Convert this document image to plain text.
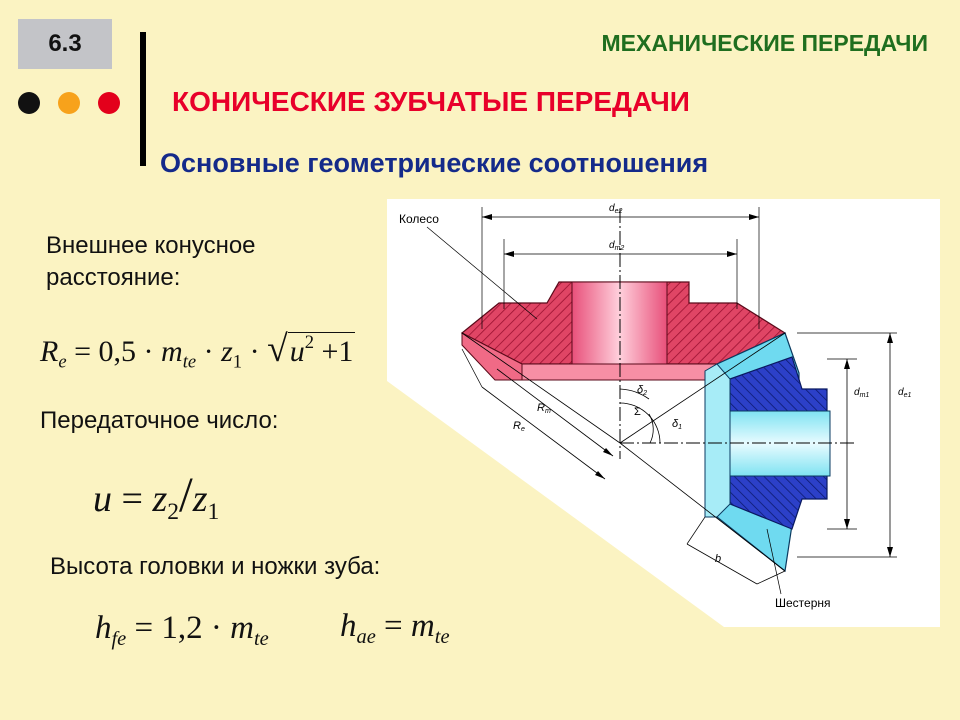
6.3	МЕХАНИЧЕСКИЕ ПЕРЕДАЧИ
КОНИЧЕСКИЕ ЗУБЧАТЫЕ ПЕРЕДАЧИ
Основные геометрические соотношения
Внешнее конусное
расстояние:
$R_e = 0,5 \cdot m_{te} \cdot z_1 \cdot √u^2 +1$
Передаточное число:
$u = z_2/z_1$
Высота головки и ножки зуба:
$h_{fe} = 1,2 \cdot m_{te}$ $h_{ae} = m_{te}$
$d_{e2}$
$d_{m2}$
$d_{m1}$	$d_{e1}$
Rm
Re
δ2
Σ
δ1
b
Колесо
Шестерня
